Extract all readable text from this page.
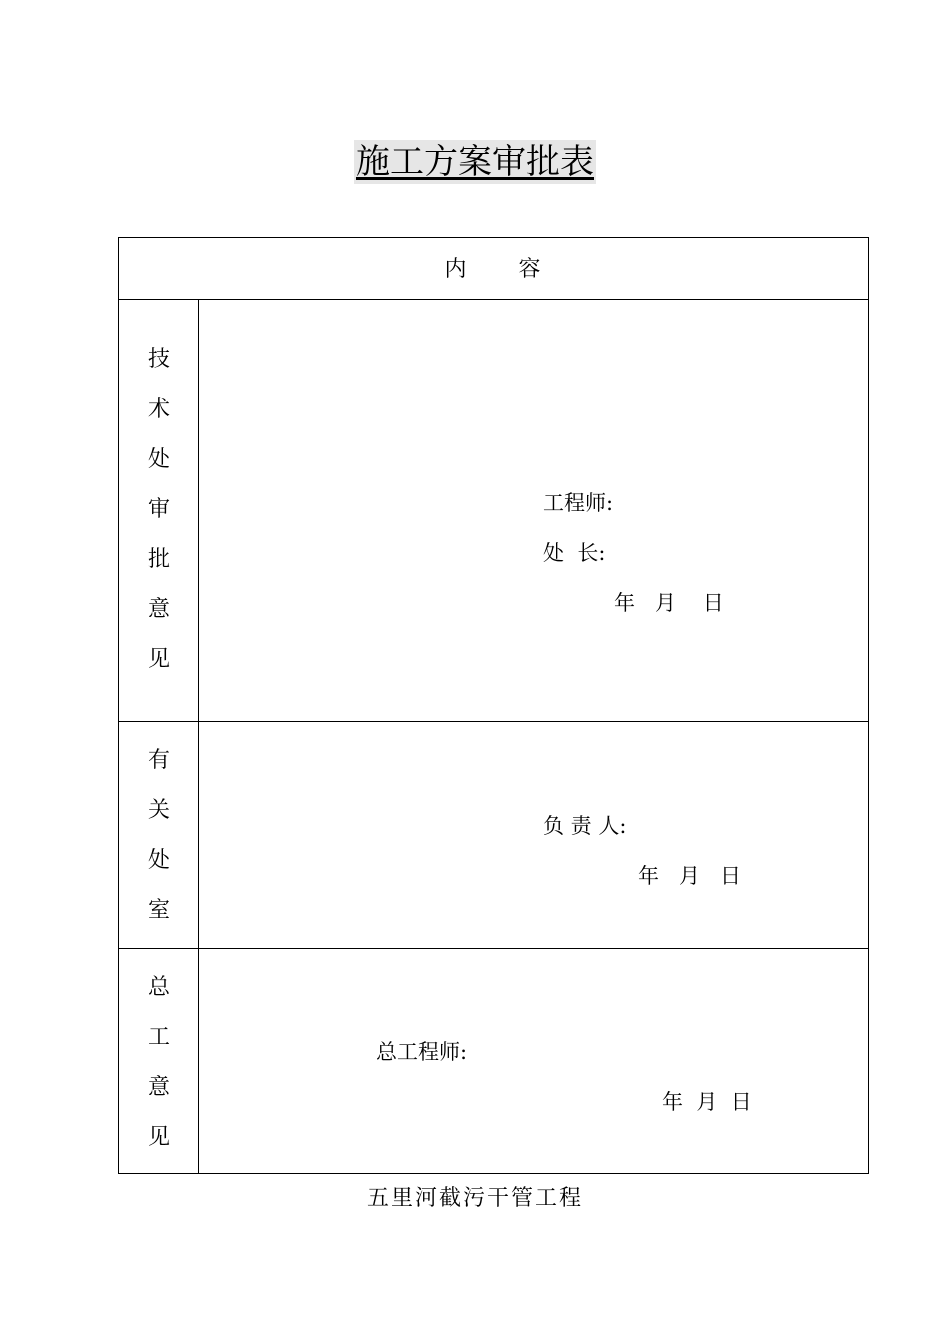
施工方案审批表
内 容
技
术
处
审
批
意
见
工程师:
处  长:
年   月    日
有
关
处
室
负 责 人:
年   月   日
总
工
意
见
总工程师:
年  月  日
五里河截污干管工程
